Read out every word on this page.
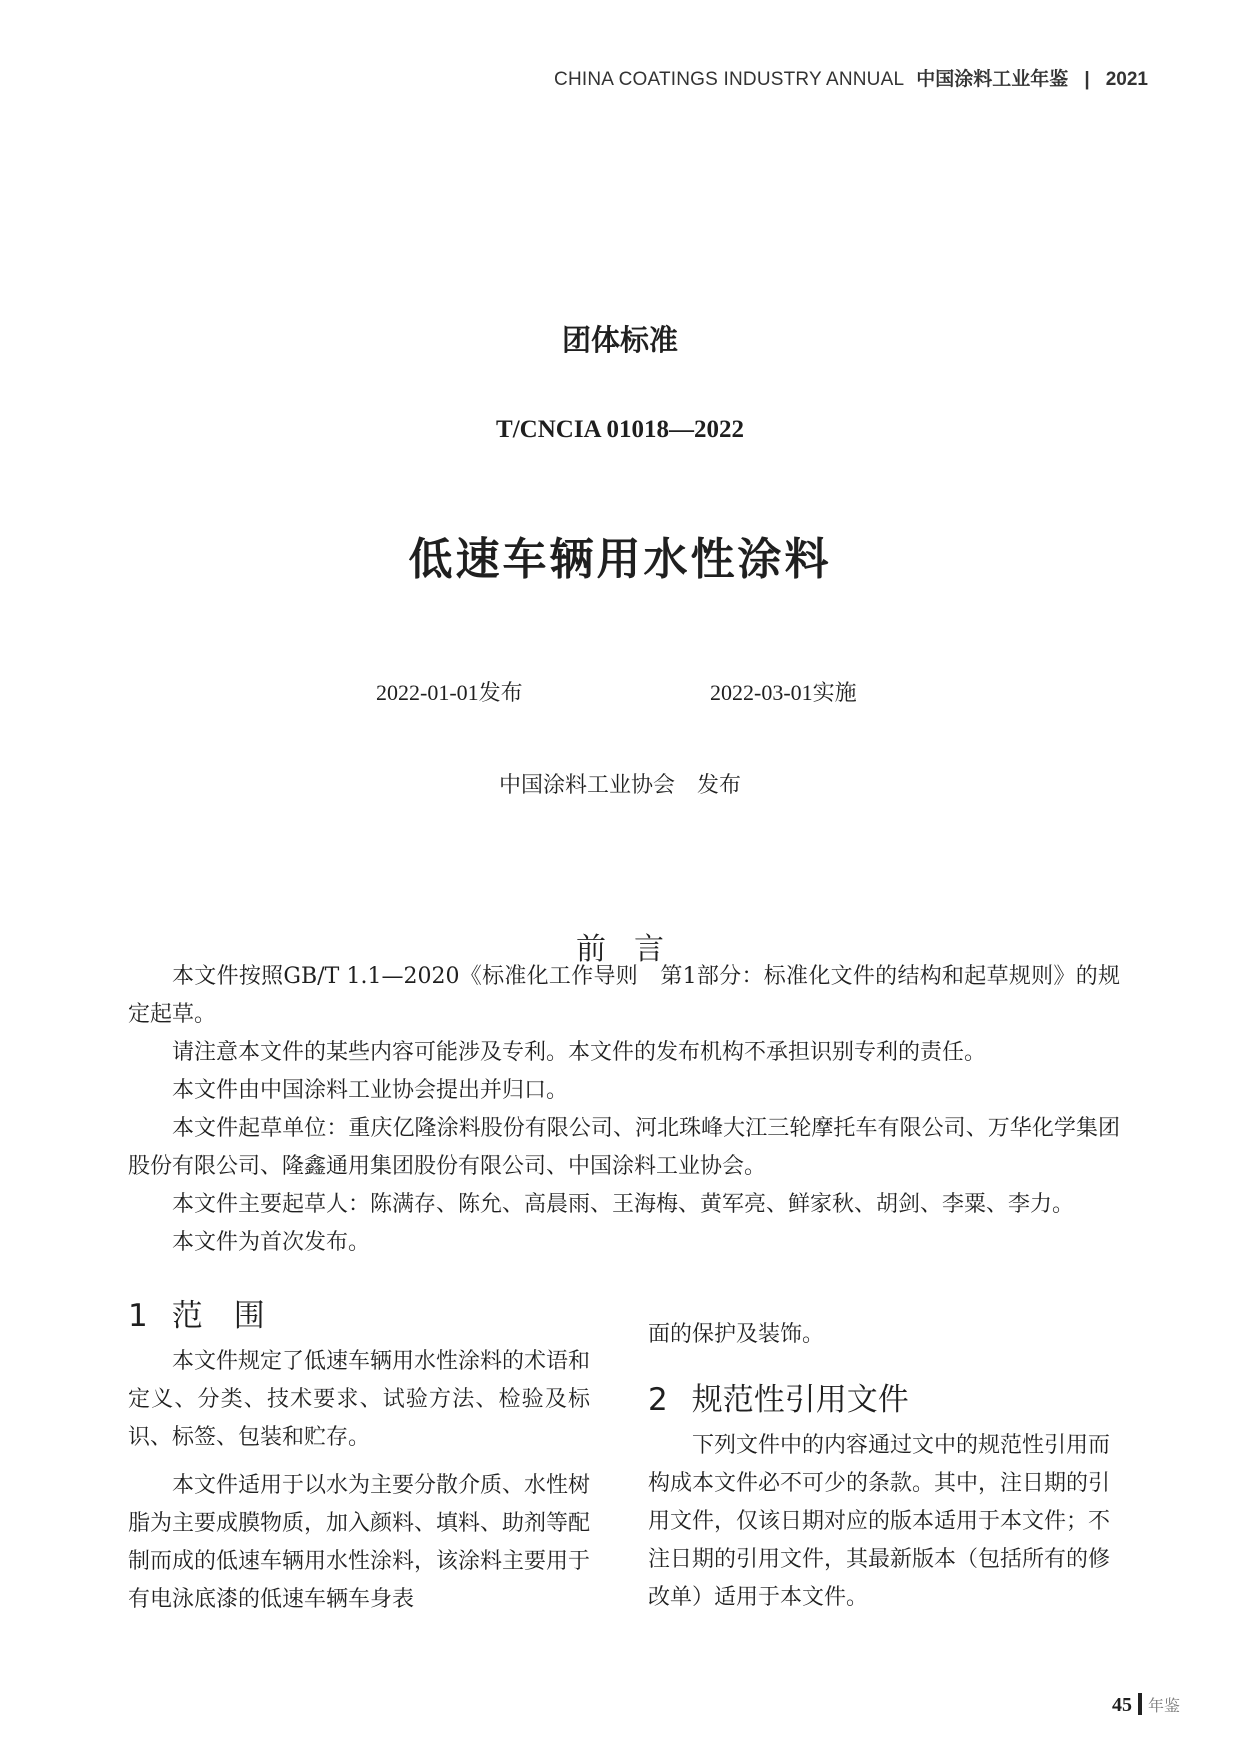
CHINA COATINGS INDUSTRY ANNUAL 中国涂料工业年鉴 | 2021
团体标准
T/CNCIA 01018—2022
低速车辆用水性涂料
2022-01-01发布	2022-03-01实施
中国涂料工业协会 发布
前言
本文件按照GB/T 1.1—2020《标准化工作导则　第1部分：标准化文件的结构和起草规则》的规定起草。
请注意本文件的某些内容可能涉及专利。本文件的发布机构不承担识别专利的责任。
本文件由中国涂料工业协会提出并归口。
本文件起草单位：重庆亿隆涂料股份有限公司、河北珠峰大江三轮摩托车有限公司、万华化学集团股份有限公司、隆鑫通用集团股份有限公司、中国涂料工业协会。
本文件主要起草人：陈满存、陈允、高晨雨、王海梅、黄军亮、鲜家秋、胡剑、李粟、李力。
本文件为首次发布。
1 范　围
本文件规定了低速车辆用水性涂料的术语和定义、分类、技术要求、试验方法、检验及标识、标签、包装和贮存。
本文件适用于以水为主要分散介质、水性树脂为主要成膜物质，加入颜料、填料、助剂等配制而成的低速车辆用水性涂料，该涂料主要用于有电泳底漆的低速车辆车身表
面的保护及装饰。
2 规范性引用文件
下列文件中的内容通过文中的规范性引用而构成本文件必不可少的条款。其中，注日期的引用文件，仅该日期对应的版本适用于本文件；不注日期的引用文件，其最新版本（包括所有的修改单）适用于本文件。
45 年鉴
